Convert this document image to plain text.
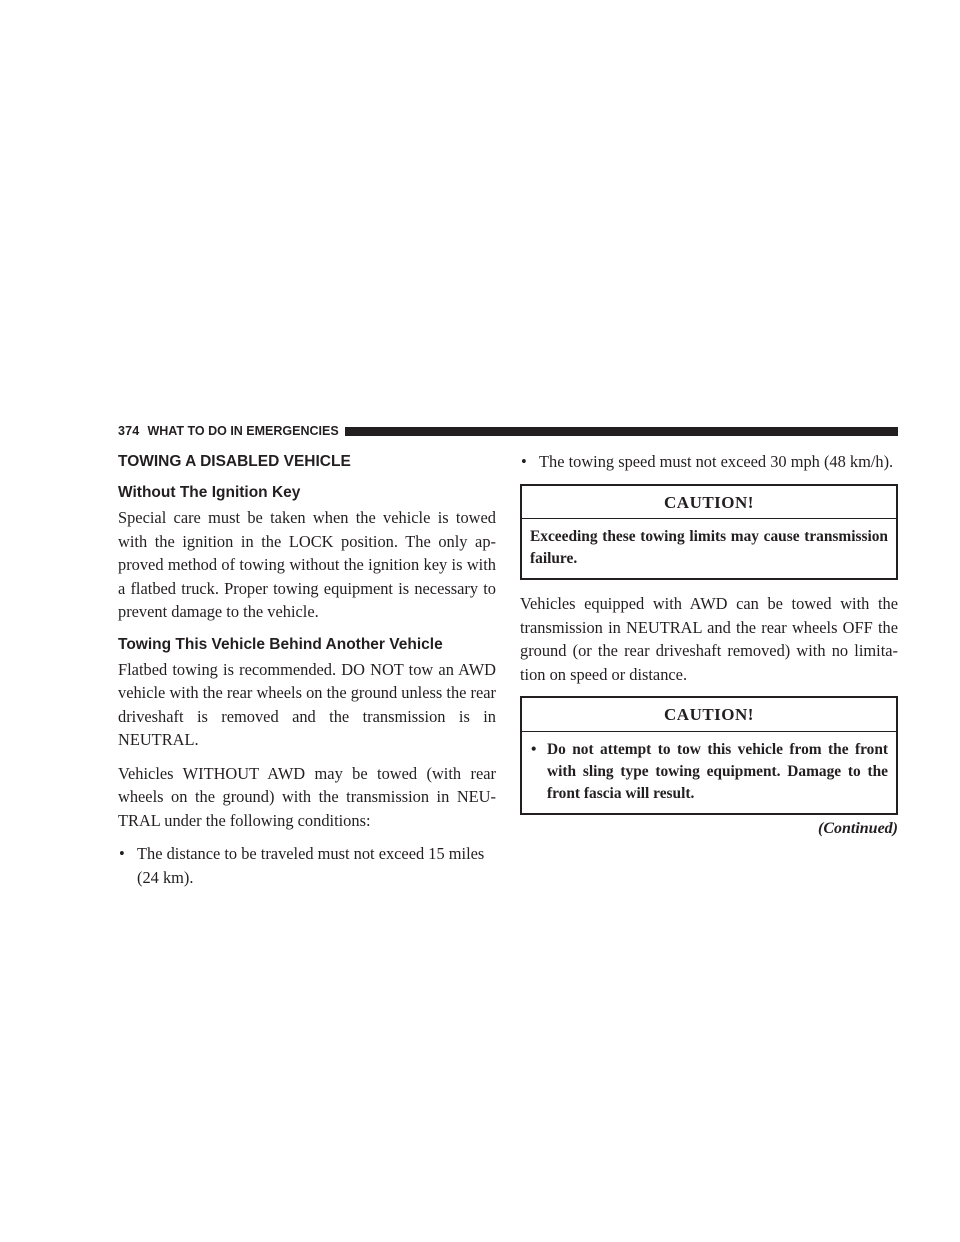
374 WHAT TO DO IN EMERGENCIES
TOWING A DISABLED VEHICLE
Without The Ignition Key

Special care must be taken when the vehicle is towed with the ignition in the LOCK position. The only approved method of towing without the ignition key is with a flatbed truck. Proper towing equipment is necessary to prevent damage to the vehicle.

Towing This Vehicle Behind Another Vehicle

Flatbed towing is recommended. DO NOT tow an AWD vehicle with the rear wheels on the ground unless the rear driveshaft is removed and the transmission is in NEUTRAL.

Vehicles WITHOUT AWD may be towed (with rear wheels on the ground) with the transmission in NEUTRAL under the following conditions:

• The distance to be traveled must not exceed 15 miles (24 km).
• The towing speed must not exceed 30 mph (48 km/h).
CAUTION!
Exceeding these towing limits may cause transmission failure.

Vehicles equipped with AWD can be towed with the transmission in NEUTRAL and the rear wheels OFF the ground (or the rear driveshaft removed) with no limitation on speed or distance.

CAUTION!
• Do not attempt to tow this vehicle from the front with sling type towing equipment. Damage to the front fascia will result.
(Continued)
